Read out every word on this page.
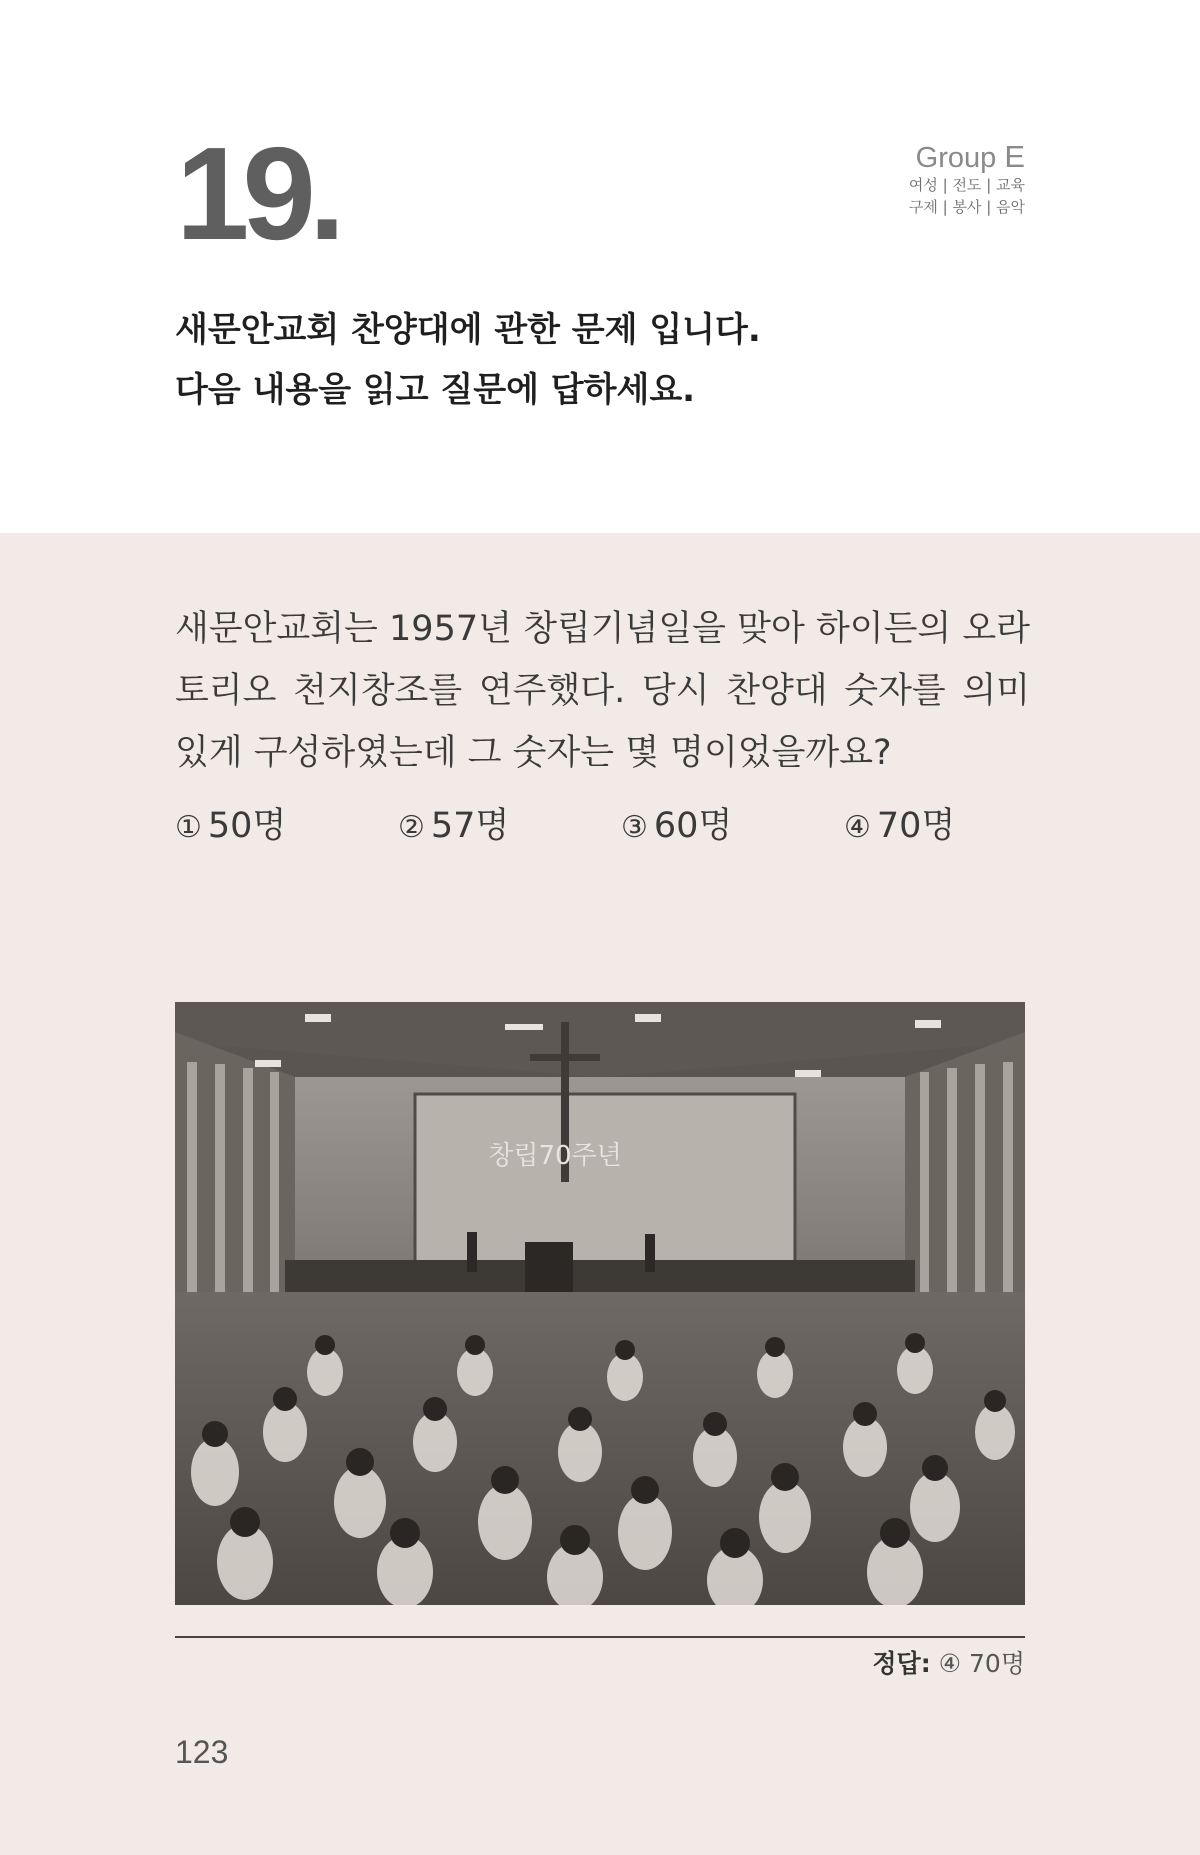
19.	Group E
여성 | 전도 | 교육
구제 | 봉사 | 음악
새문안교회 찬양대에 관한 문제 입니다.
다음 내용을 읽고 질문에 답하세요.
새문안교회는 1957년 창립기념일을 맞아 하이든의 오라토리오 천지창조를 연주했다. 당시 찬양대 숫자를 의미있게 구성하였는데 그 숫자는 몇 명이었을까요?
① 50명	② 57명	③ 60명	④ 70명
창립70주년
정답: ④ 70명
123
